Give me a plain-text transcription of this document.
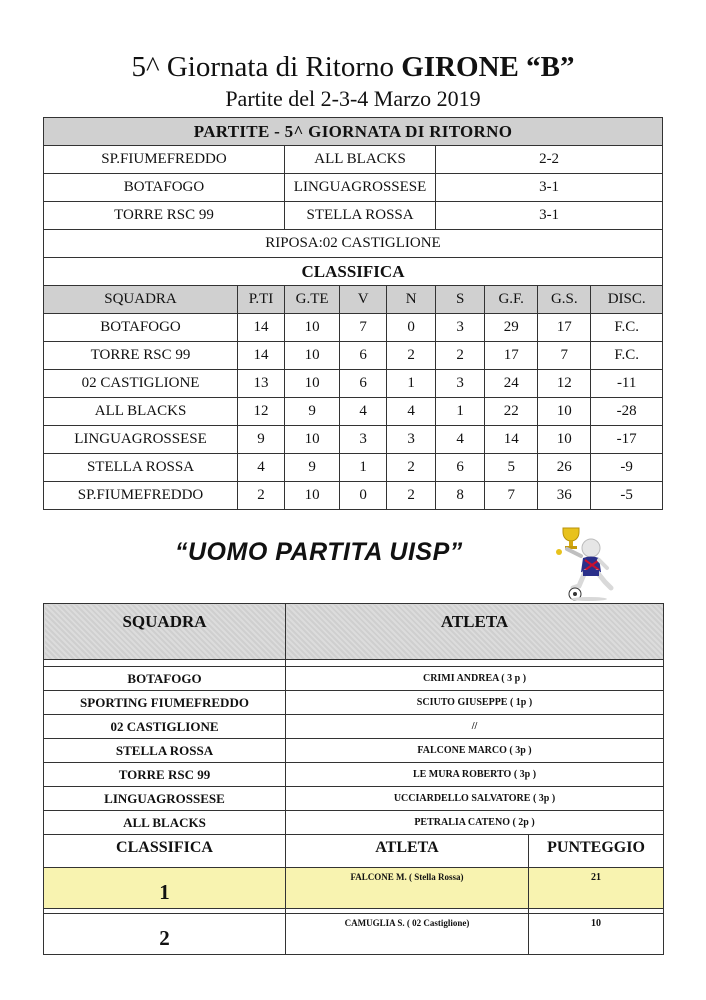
5^ Giornata di Ritorno GIRONE “B”
Partite del 2-3-4 Marzo 2019
PARTITE - 5^ GIORNATA DI RITORNO								
SP.FIUMEFREDDO		ALL BLACKS			2-2			
BOTAFOGO		LINGUAGROSSESE			3-1			
TORRE RSC 99		STELLA ROSSA			3-1			
RIPOSA:02 CASTIGLIONE								
CLASSIFICA								
SQUADRA	P.TI	G.TE	V	N	S	G.F.	G.S.	DISC.
BOTAFOGO	14	10	7	0	3	29	17	F.C.
TORRE RSC 99	14	10	6	2	2	17	7	F.C.
02 CASTIGLIONE	13	10	6	1	3	24	12	-11
ALL BLACKS	12	9	4	4	1	22	10	-28
LINGUAGROSSESE	9	10	3	3	4	14	10	-17
STELLA ROSSA	4	9	1	2	6	5	26	-9
SP.FIUMEFREDDO	2	10	0	2	8	7	36	-5
“UOMO PARTITA UISP”
SQUADRA	ATLETA	

BOTAFOGO	CRIMI ANDREA ( 3 p )	
SPORTING FIUMEFREDDO	SCIUTO GIUSEPPE ( 1p )	
02 CASTIGLIONE	//	
STELLA ROSSA	FALCONE MARCO ( 3p )	
TORRE RSC 99	LE MURA ROBERTO ( 3p )	
LINGUAGROSSESE	UCCIARDELLO SALVATORE ( 3p )	
ALL BLACKS	PETRALIA CATENO ( 2p )	
CLASSIFICA	ATLETA	PUNTEGGIO
1	FALCONE M. ( Stella Rossa)	21

2	CAMUGLIA S. ( 02 Castiglione)	10
